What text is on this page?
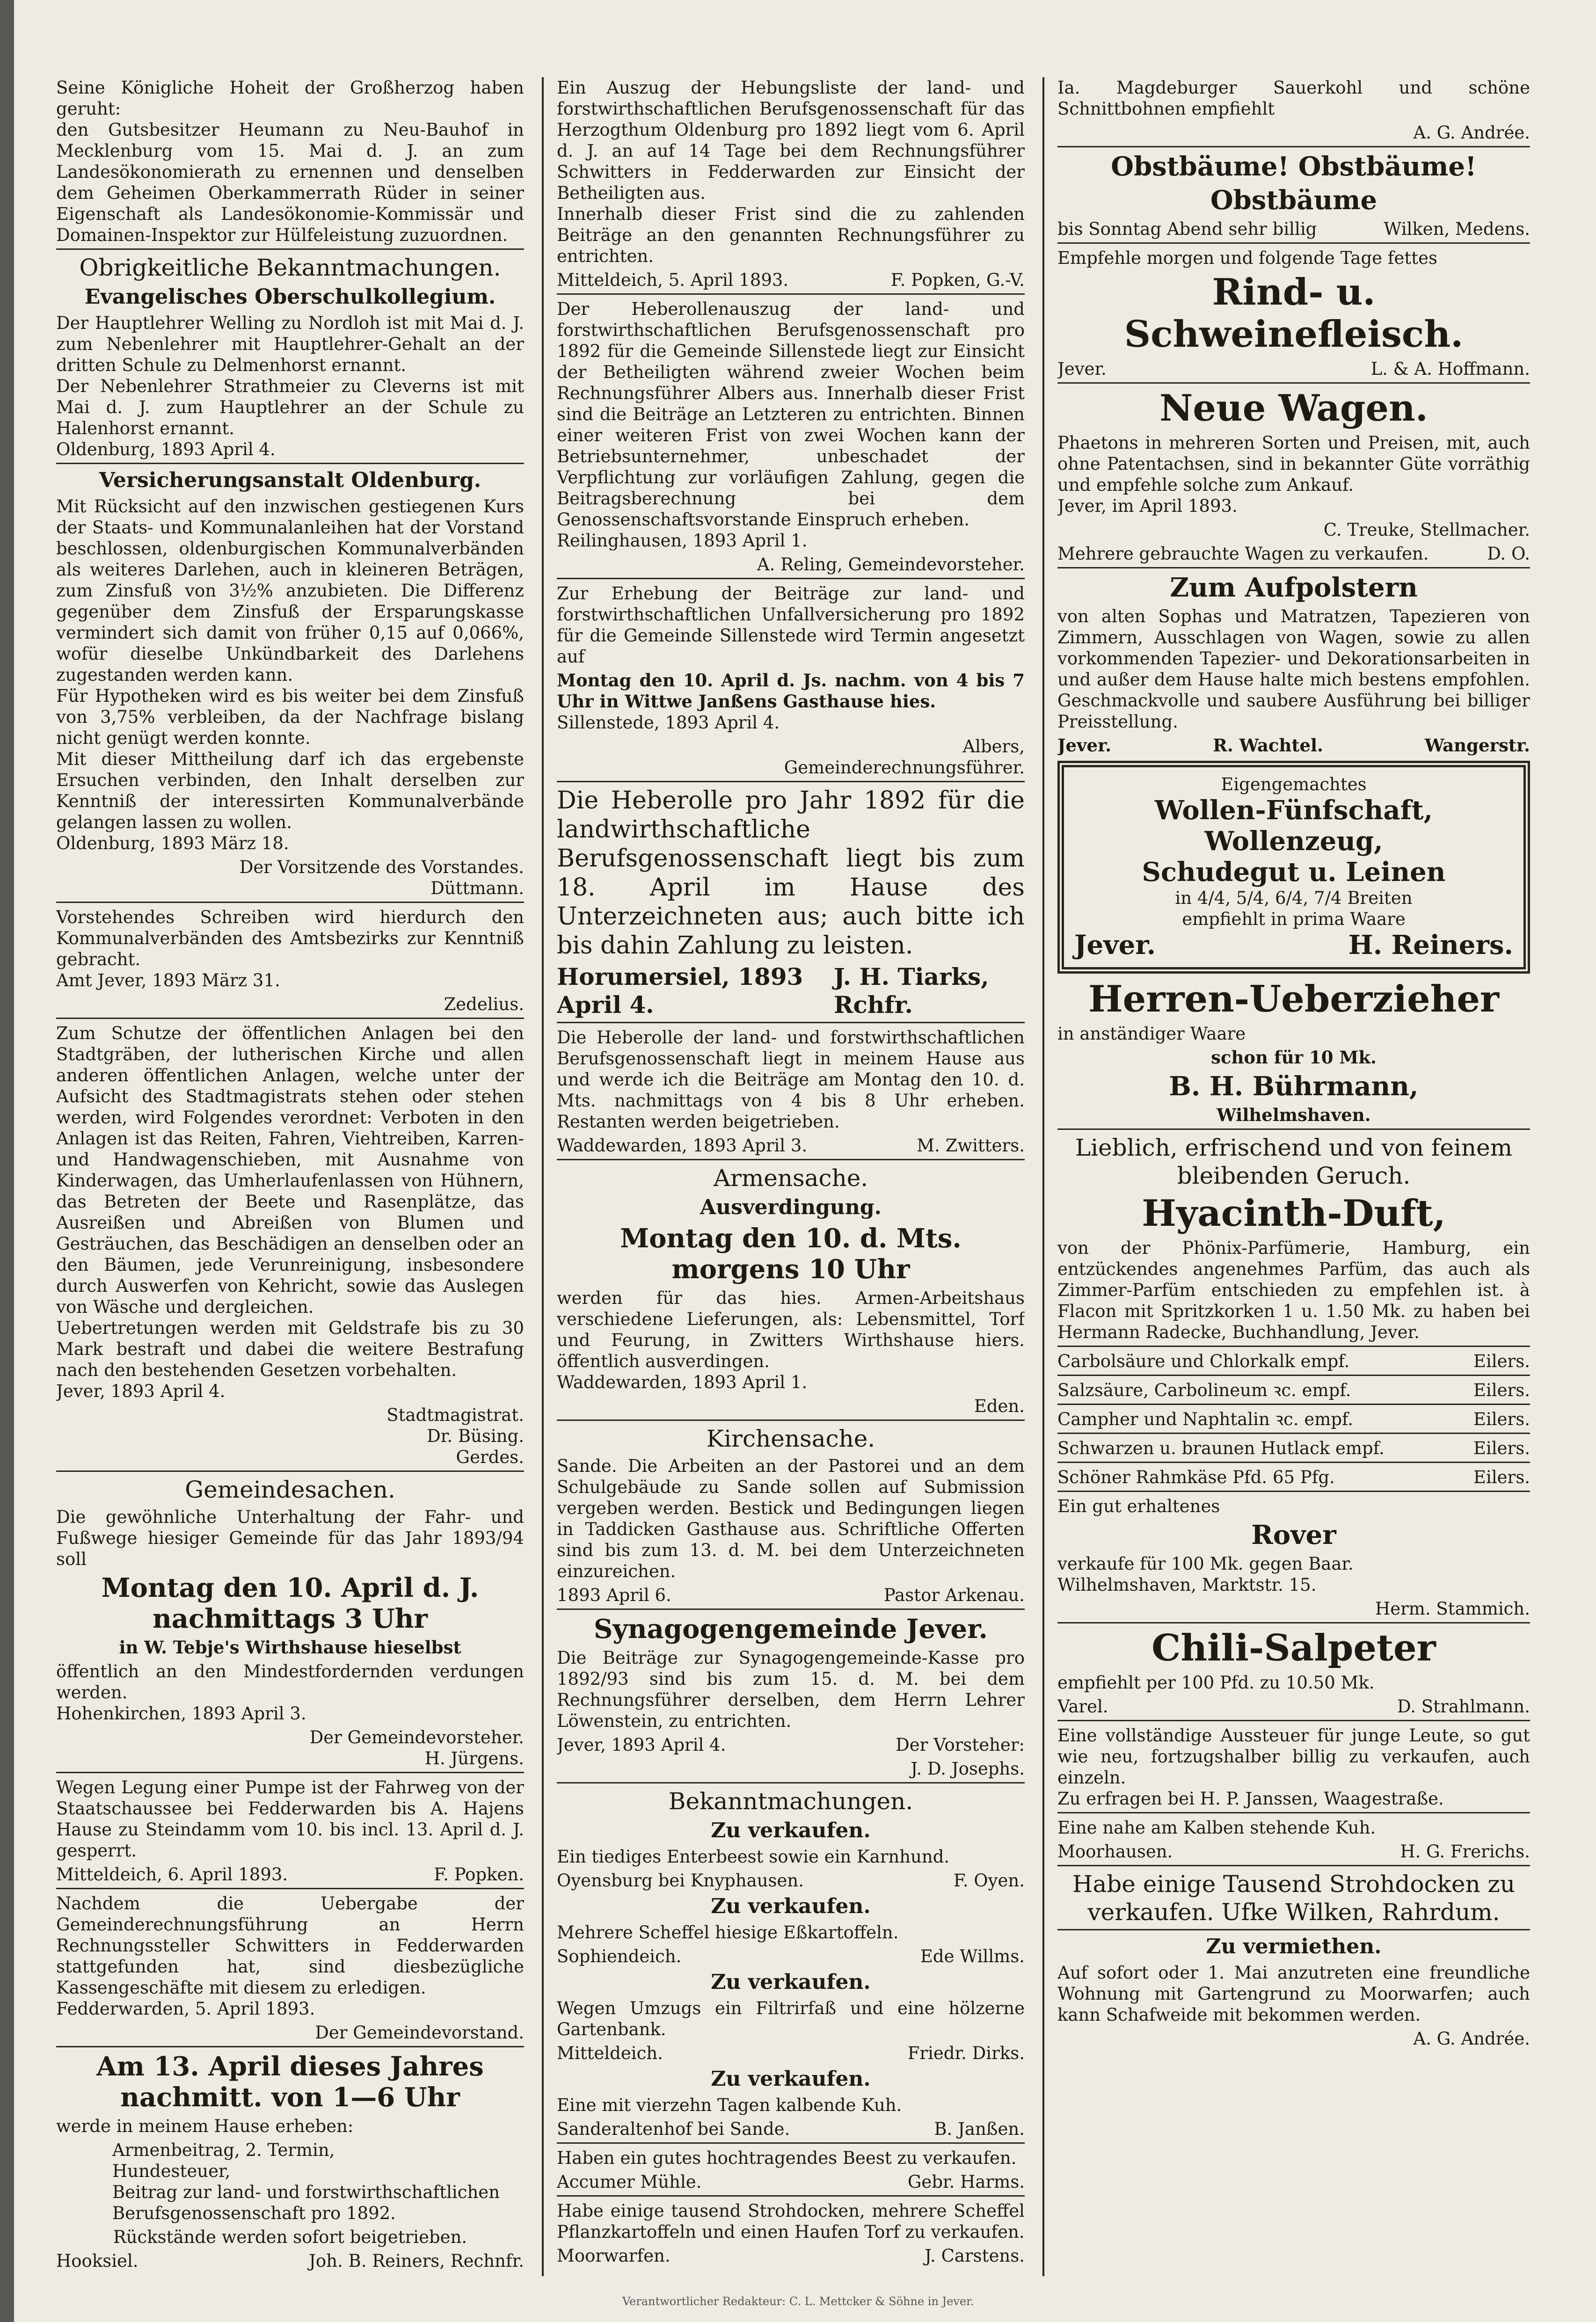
Seine Königliche Hoheit der Großherzog haben geruht:

den Gutsbesitzer Heumann zu Neu-Bauhof in Mecklenburg vom 15. Mai d. J. an zum Landesökonomierath zu ernennen und denselben dem Geheimen Oberkammerrath Rüder in seiner Eigenschaft als Landesökonomie-Kommissär und Domainen-Inspektor zur Hülfeleistung zuzuordnen.

Obrigkeitliche Bekanntmachungen.
Evangelisches Oberschulkollegium.

Der Hauptlehrer Welling zu Nordloh ist mit Mai d. J. zum Nebenlehrer mit Hauptlehrer-Gehalt an der dritten Schule zu Delmenhorst ernannt.

Der Nebenlehrer Strathmeier zu Cleverns ist mit Mai d. J. zum Hauptlehrer an der Schule zu Halenhorst ernannt.

Oldenburg, 1893 April 4.

Versicherungsanstalt Oldenburg.

Mit Rücksicht auf den inzwischen gestiegenen Kurs der Staats- und Kommunalanleihen hat der Vorstand beschlossen, oldenburgischen Kommunalverbänden als weiteres Darlehen, auch in kleineren Beträgen, zum Zinsfuß von 3½% anzubieten. Die Differenz gegenüber dem Zinsfuß der Ersparungskasse vermindert sich damit von früher 0,15 auf 0,066%, wofür dieselbe Unkündbarkeit des Darlehens zugestanden werden kann.

Für Hypotheken wird es bis weiter bei dem Zinsfuß von 3,75% verbleiben, da der Nachfrage bislang nicht genügt werden konnte.

Mit dieser Mittheilung darf ich das ergebenste Ersuchen verbinden, den Inhalt derselben zur Kenntniß der interessirten Kommunalverbände gelangen lassen zu wollen.

Oldenburg, 1893 März 18.

Der Vorsitzende des Vorstandes.
Düttmann.

Vorstehendes Schreiben wird hierdurch den Kommunalverbänden des Amtsbezirks zur Kenntniß gebracht.

Amt Jever, 1893 März 31.

Zedelius.

Zum Schutze der öffentlichen Anlagen bei den Stadtgräben, der lutherischen Kirche und allen anderen öffentlichen Anlagen, welche unter der Aufsicht des Stadtmagistrats stehen oder stehen werden, wird Folgendes verordnet: Verboten in den Anlagen ist das Reiten, Fahren, Viehtreiben, Karren- und Handwagenschieben, mit Ausnahme von Kinderwagen, das Umherlaufenlassen von Hühnern, das Betreten der Beete und Rasenplätze, das Ausreißen und Abreißen von Blumen und Gesträuchen, das Beschädigen an denselben oder an den Bäumen, jede Verunreinigung, insbesondere durch Auswerfen von Kehricht, sowie das Auslegen von Wäsche und dergleichen.

Uebertretungen werden mit Geldstrafe bis zu 30 Mark bestraft und dabei die weitere Bestrafung nach den bestehenden Gesetzen vorbehalten.

Jever, 1893 April 4.

Stadtmagistrat.
Dr. Büsing.
Gerdes.
Gemeindesachen.

Die gewöhnliche Unterhaltung der Fahr- und Fußwege hiesiger Gemeinde für das Jahr 1893/94 soll

Montag den 10. April d. J. nachmittags 3 Uhr
in W. Tebje's Wirthshause hieselbst

öffentlich an den Mindestfordernden verdungen werden.

Hohenkirchen, 1893 April 3.

Der Gemeindevorsteher.
H. Jürgens.

Wegen Legung einer Pumpe ist der Fahrweg von der Staatschaussee bei Fedderwarden bis A. Hajens Hause zu Steindamm vom 10. bis incl. 13. April d. J. gesperrt.

Mitteldeich, 6. April 1893.	F. Popken.

Nachdem die Uebergabe der Gemeinderechnungsführung an Herrn Rechnungssteller Schwitters in Fedderwarden stattgefunden hat, sind diesbezügliche Kassengeschäfte mit diesem zu erledigen.

Fedderwarden, 5. April 1893.

Der Gemeindevorstand.
Am 13. April dieses Jahres nachmitt. von 1—6 Uhr

werde in meinem Hause erheben:

Armenbeitrag, 2. Termin,
Hundesteuer,
Beitrag zur land- und forstwirthschaftlichen
Berufsgenossenschaft pro 1892.
Rückstände werden sofort beigetrieben.
Hooksiel.	Joh. B. Reiners, Rechnfr.

Ein Auszug der Hebungsliste der land- und forstwirthschaftlichen Berufsgenossenschaft für das Herzogthum Oldenburg pro 1892 liegt vom 6. April d. J. an auf 14 Tage bei dem Rechnungsführer Schwitters in Fedderwarden zur Einsicht der Betheiligten aus.

Innerhalb dieser Frist sind die zu zahlenden Beiträge an den genannten Rechnungsführer zu entrichten.

Mitteldeich, 5. April 1893.	F. Popken, G.-V.

Der Heberollenauszug der land- und forstwirthschaftlichen Berufsgenossenschaft pro 1892 für die Gemeinde Sillenstede liegt zur Einsicht der Betheiligten während zweier Wochen beim Rechnungsführer Albers aus. Innerhalb dieser Frist sind die Beiträge an Letzteren zu entrichten. Binnen einer weiteren Frist von zwei Wochen kann der Betriebsunternehmer, unbeschadet der Verpflichtung zur vorläufigen Zahlung, gegen die Beitragsberechnung bei dem Genossenschaftsvorstande Einspruch erheben.

Reilinghausen, 1893 April 1.

A. Reling, Gemeindevorsteher.

Zur Erhebung der Beiträge zur land- und forstwirthschaftlichen Unfallversicherung pro 1892 für die Gemeinde Sillenstede wird Termin angesetzt auf

Montag den 10. April d. Js. nachm. von 4 bis 7 Uhr in Wittwe Janßens Gasthause hies.

Sillenstede, 1893 April 4.

Albers,
Gemeinderechnungsführer.

Die Heberolle pro Jahr 1892 für die landwirthschaftliche Berufsgenossenschaft liegt bis zum 18. April im Hause des Unterzeichneten aus; auch bitte ich bis dahin Zahlung zu leisten.

Horumersiel, 1893 April 4.
J. H. Tiarks, Rchfr.

Die Heberolle der land- und forstwirthschaftlichen Berufsgenossenschaft liegt in meinem Hause aus und werde ich die Beiträge am Montag den 10. d. Mts. nachmittags von 4 bis 8 Uhr erheben. Restanten werden beigetrieben.

Waddewarden, 1893 April 3.	M. Zwitters.
Armensache.
Ausverdingung.
Montag den 10. d. Mts. morgens 10 Uhr

werden für das hies. Armen-Arbeitshaus verschiedene Lieferungen, als: Lebensmittel, Torf und Feurung, in Zwitters Wirthshause hiers. öffentlich ausverdingen.

Waddewarden, 1893 April 1.

Eden.
Kirchensache.

Sande. Die Arbeiten an der Pastorei und an dem Schulgebäude zu Sande sollen auf Submission vergeben werden. Bestick und Bedingungen liegen in Taddicken Gasthause aus. Schriftliche Offerten sind bis zum 13. d. M. bei dem Unterzeichneten einzureichen.

1893 April 6.	Pastor Arkenau.
Synagogengemeinde Jever.

Die Beiträge zur Synagogengemeinde-Kasse pro 1892/93 sind bis zum 15. d. M. bei dem Rechnungsführer derselben, dem Herrn Lehrer Löwenstein, zu entrichten.

Jever, 1893 April 4.	Der Vorsteher:
J. D. Josephs.
Bekanntmachungen.
Zu verkaufen.

Ein tiediges Enterbeest sowie ein Karnhund.

Oyensburg bei Knyphausen.	F. Oyen.
Zu verkaufen.

Mehrere Scheffel hiesige Eßkartoffeln.

Sophiendeich.	Ede Willms.
Zu verkaufen.

Wegen Umzugs ein Filtrirfaß und eine hölzerne Gartenbank.

Mitteldeich.	Friedr. Dirks.
Zu verkaufen.

Eine mit vierzehn Tagen kalbende Kuh.

Sanderaltenhof bei Sande.	B. Janßen.

Haben ein gutes hochtragendes Beest zu verkaufen.

Accumer Mühle.	Gebr. Harms.

Habe einige tausend Strohdocken, mehrere Scheffel Pflanzkartoffeln und einen Haufen Torf zu verkaufen.

Moorwarfen.	J. Carstens.

Ia. Magdeburger Sauerkohl und schöne Schnittbohnen empfiehlt

A. G. Andrée.
Obstbäume! Obstbäume!
Obstbäume
bis Sonntag Abend sehr billig	Wilken, Medens.

Empfehle morgen und folgende Tage fettes

Rind- u. Schweinefleisch.
Jever.	L. & A. Hoffmann.
Neue Wagen.

Phaetons in mehreren Sorten und Preisen, mit, auch ohne Patentachsen, sind in bekannter Güte vorräthig und empfehle solche zum Ankauf.

Jever, im April 1893.

C. Treuke, Stellmacher.
Mehrere gebrauchte Wagen zu verkaufen.	D. O.
Zum Aufpolstern

von alten Sophas und Matratzen, Tapezieren von Zimmern, Ausschlagen von Wagen, sowie zu allen vorkommenden Tapezier- und Dekorationsarbeiten in und außer dem Hause halte mich bestens empfohlen. Geschmackvolle und saubere Ausführung bei billiger Preisstellung.

Jever.	R. Wachtel.	Wangerstr.
Eigengemachtes
Wollen-Fünfschaft,
Wollenzeug,
Schudegut u. Leinen
in 4/4, 5/4, 6/4, 7/4 Breiten
empfiehlt in prima Waare
Jever.	H. Reiners.
Herren-Ueberzieher

in anständiger Waare

schon für 10 Mk.
B. H. Bührmann,
Wilhelmshaven.
Lieblich, erfrischend und von feinem bleibenden Geruch.
Hyacinth-Duft,

von der Phönix-Parfümerie, Hamburg, ein entzückendes angenehmes Parfüm, das auch als Zimmer-Parfüm entschieden zu empfehlen ist. à Flacon mit Spritzkorken 1 u. 1.50 Mk. zu haben bei Hermann Radecke, Buchhandlung, Jever.

Carbolsäure und Chlorkalk empf.	Eilers.
Salzsäure, Carbolineum ꝛc. empf.	Eilers.
Campher und Naphtalin ꝛc. empf.	Eilers.
Schwarzen u. braunen Hutlack empf.	Eilers.
Schöner Rahmkäse Pfd. 65 Pfg.	Eilers.

Ein gut erhaltenes

Rover

verkaufe für 100 Mk. gegen Baar.

Wilhelmshaven, Marktstr. 15.

Herm. Stammich.
Chili-Salpeter

empfiehlt per 100 Pfd. zu 10.50 Mk.

Varel.	D. Strahlmann.

Eine vollständige Aussteuer für junge Leute, so gut wie neu, fortzugshalber billig zu verkaufen, auch einzeln.

Zu erfragen bei H. P. Janssen, Waagestraße.

Eine nahe am Kalben stehende Kuh.

Moorhausen.	H. G. Frerichs.
Habe einige Tausend Strohdocken zu verkaufen. Ufke Wilken, Rahrdum.
Zu vermiethen.

Auf sofort oder 1. Mai anzutreten eine freundliche Wohnung mit Gartengrund zu Moorwarfen; auch kann Schafweide mit bekommen werden.

A. G. Andrée.
Verantwortlicher Redakteur: C. L. Mettcker & Söhne in Jever.
